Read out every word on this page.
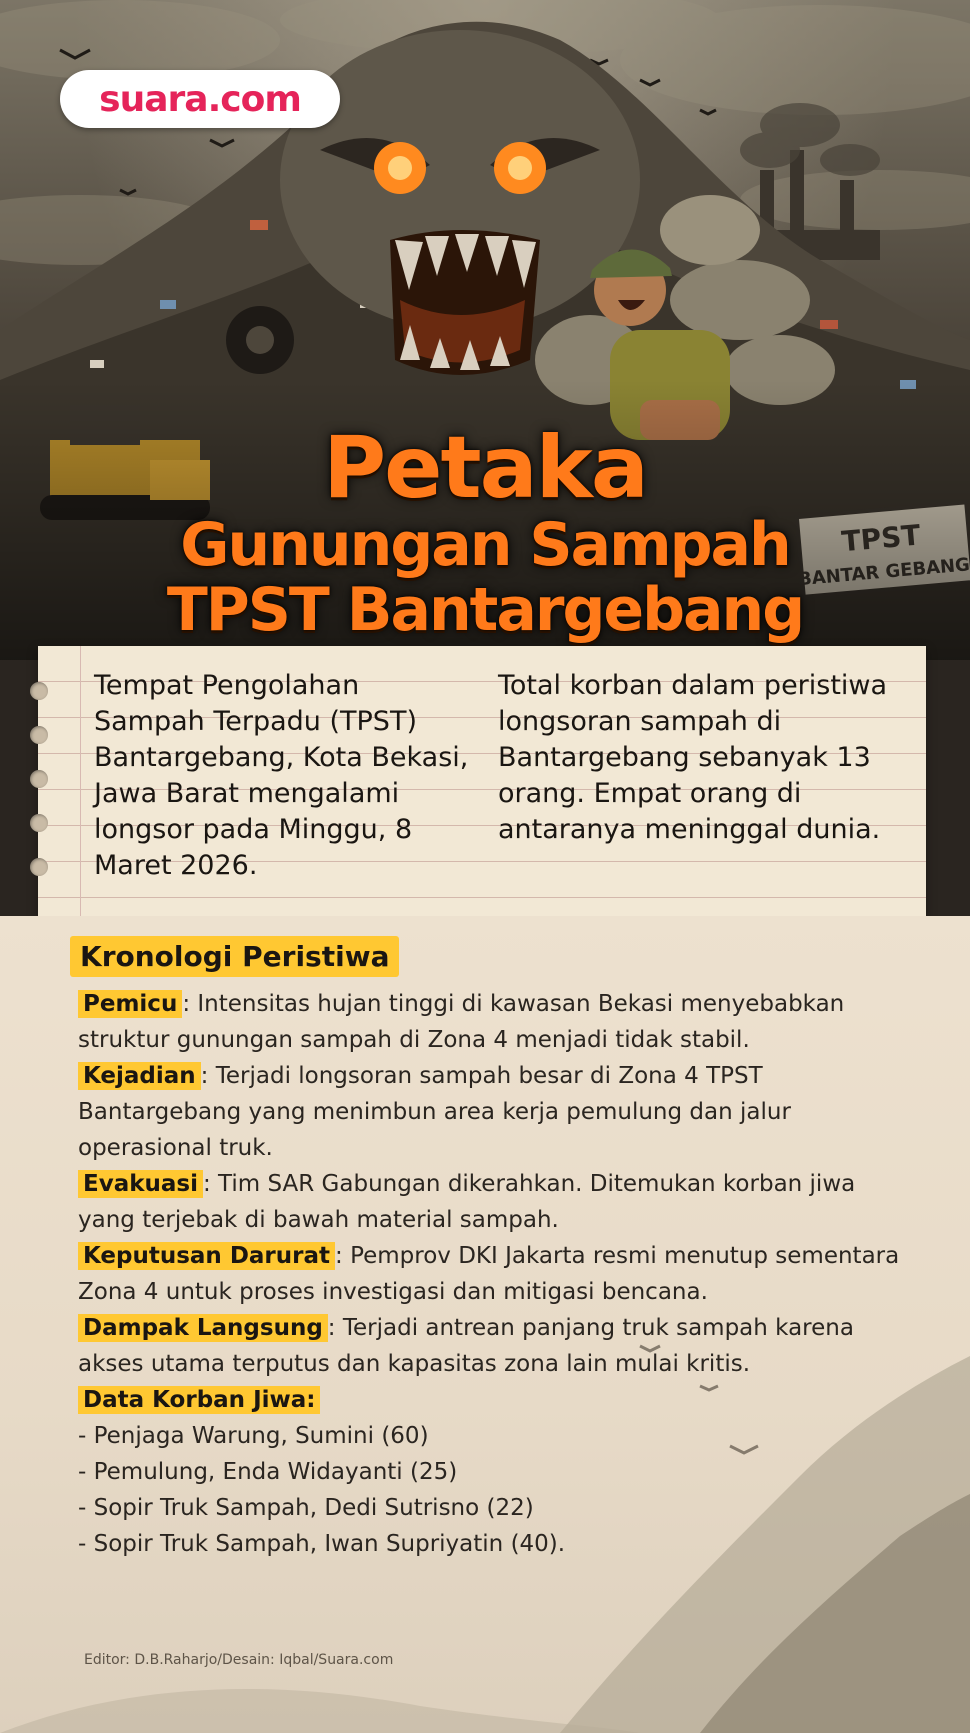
suara.com
Petaka
Gunungan Sampah
TPST Bantargebang
Tempat Pengolahan Sampah Terpadu (TPST) Bantargebang, Kota Bekasi, Jawa Barat mengalami longsor pada Minggu, 8 Maret 2026.
Total korban dalam peristiwa longsoran sampah di Bantargebang sebanyak 13 orang. Empat orang di antaranya meninggal dunia.
Kronologi Peristiwa
Pemicu : Intensitas hujan tinggi di kawasan Bekasi menyebabkan struktur gunungan sampah di Zona 4 menjadi tidak stabil.
Kejadian : Terjadi longsoran sampah besar di Zona 4 TPST Bantargebang yang menimbun area kerja pemulung dan jalur operasional truk.
Evakuasi : Tim SAR Gabungan dikerahkan. Ditemukan korban jiwa yang terjebak di bawah material sampah.
Keputusan Darurat : Pemprov DKI Jakarta resmi menutup sementara Zona 4 untuk proses investigasi dan mitigasi bencana.
Dampak Langsung : Terjadi antrean panjang truk sampah karena akses utama terputus dan kapasitas zona lain mulai kritis.
Data Korban Jiwa:
- Penjaga Warung, Sumini (60)
- Pemulung, Enda Widayanti (25)
- Sopir Truk Sampah, Dedi Sutrisno (22)
- Sopir Truk Sampah, Iwan Supriyatin (40).
Editor: D.B.Raharjo/Desain: Iqbal/Suara.com
